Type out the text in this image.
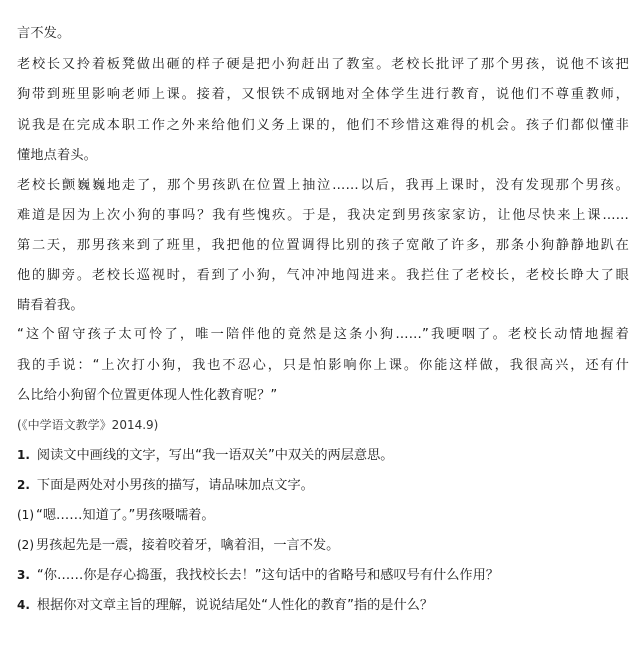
言不发。
老校长又拎着板凳做出砸的样子硬是把小狗赶出了教室。老校长批评了那个男孩，说他不该把
狗带到班里影响老师上课。接着，又恨铁不成钢地对全体学生进行教育，说他们不尊重教师，
说我是在完成本职工作之外来给他们义务上课的，他们不珍惜这难得的机会。孩子们都似懂非
懂地点着头。
老校长颤巍巍地走了，那个男孩趴在位置上抽泣……以后，我再上课时，没有发现那个男孩。
难道是因为上次小狗的事吗？我有些愧疚。于是，我决定到男孩家家访，让他尽快来上课……
第二天，那男孩来到了班里，我把他的位置调得比别的孩子宽敞了许多，那条小狗静静地趴在
他的脚旁。老校长巡视时，看到了小狗，气冲冲地闯进来。我拦住了老校长，老校长睁大了眼
睛看着我。
“这个留守孩子太可怜了，唯一陪伴他的竟然是这条小狗……”我哽咽了。老校长动情地握着
我的手说：“上次打小狗，我也不忍心，只是怕影响你上课。你能这样做，我很高兴，还有什
么比给小狗留个位置更体现人性化教育呢？”
(《中学语文教学》2014.9)
1. 阅读文中画线的文字，写出“我一语双关”中双关的两层意思。
2. 下面是两处对小男孩的描写，请品味加点文字。
(1) “嗯……知道了。”男孩嗫嚅着。
(2) 男孩起先是一震，接着咬着牙，噙着泪，一言不发。
3. “你……你是存心捣蛋，我找校长去！”这句话中的省略号和感叹号有什么作用？
4. 根据你对文章主旨的理解，说说结尾处“人性化的教育”指的是什么？
